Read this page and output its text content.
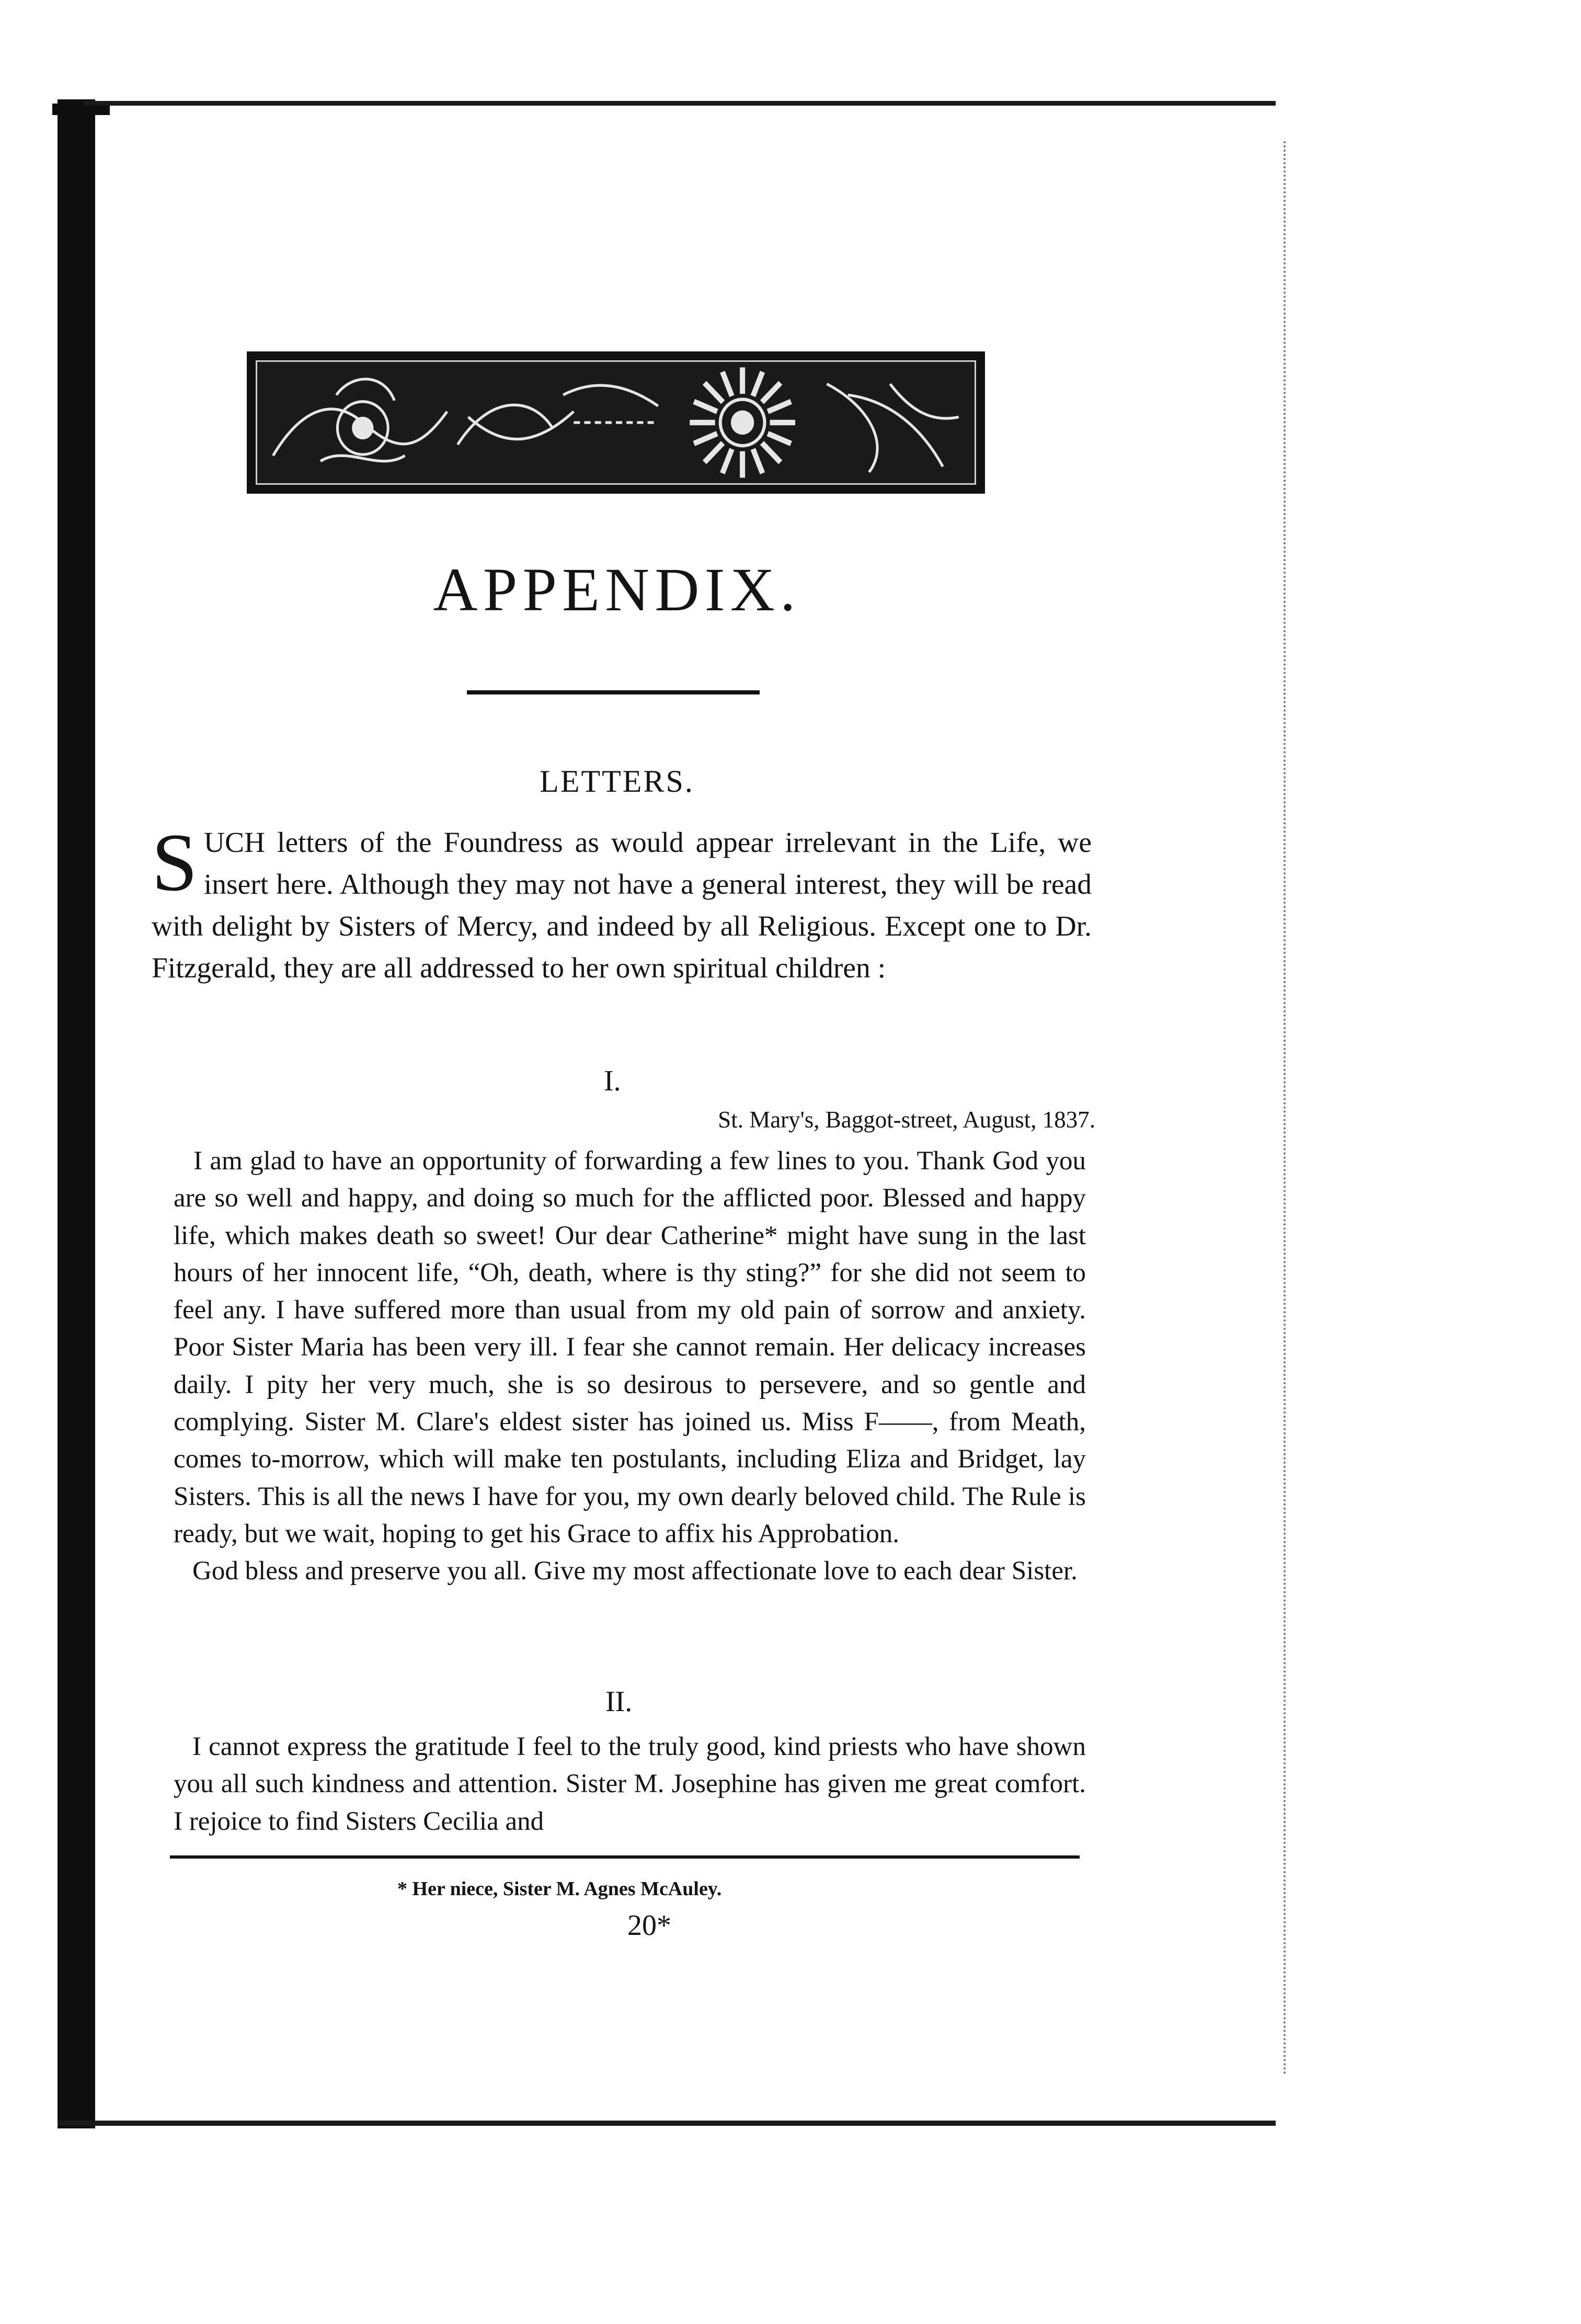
APPENDIX.
LETTERS.

SUCH letters of the Foundress as would appear irrelevant in the Life, we insert here. Although they may not have a general interest, they will be read with delight by Sisters of Mercy, and indeed by all Religious. Except one to Dr. Fitzgerald, they are all addressed to her own spiritual children :

I.

St. Mary's, Baggot-street, August, 1837.

I am glad to have an opportunity of forwarding a few lines to you. Thank God you are so well and happy, and doing so much for the afflicted poor. Blessed and happy life, which makes death so sweet! Our dear Catherine* might have sung in the last hours of her innocent life, “Oh, death, where is thy sting?” for she did not seem to feel any. I have suffered more than usual from my old pain of sorrow and anxiety. Poor Sister Maria has been very ill. I fear she cannot remain. Her delicacy increases daily. I pity her very much, she is so desirous to persevere, and so gentle and complying. Sister M. Clare's eldest sister has joined us. Miss F——, from Meath, comes to-morrow, which will make ten postulants, including Eliza and Bridget, lay Sisters. This is all the news I have for you, my own dearly beloved child. The Rule is ready, but we wait, hoping to get his Grace to affix his Approbation.

God bless and preserve you all. Give my most affectionate love to each dear Sister.

II.

I cannot express the gratitude I feel to the truly good, kind priests who have shown you all such kindness and attention. Sister M. Josephine has given me great comfort. I rejoice to find Sisters Cecilia and

* Her niece, Sister M. Agnes McAuley.

20*
